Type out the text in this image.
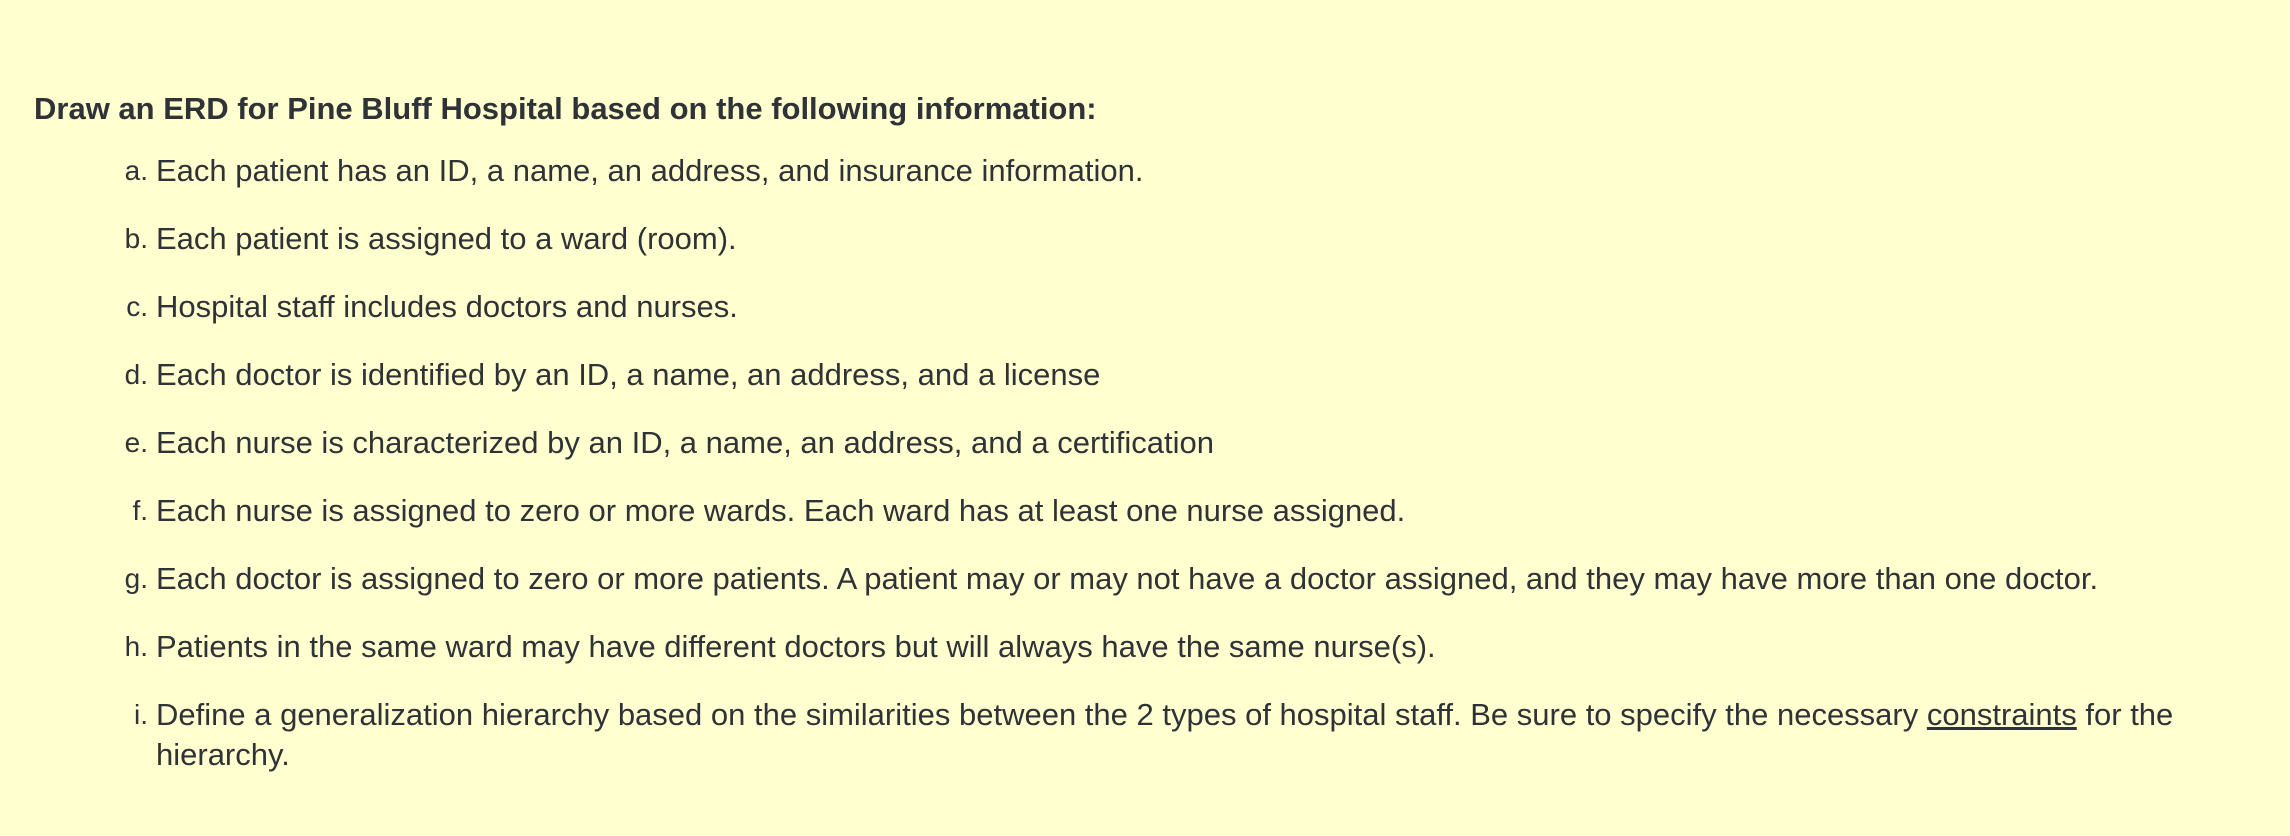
Draw an ERD for Pine Bluff Hospital based on the following information:
a. Each patient has an ID, a name, an address, and insurance information.
b. Each patient is assigned to a ward (room).
c. Hospital staff includes doctors and nurses.
d. Each doctor is identified by an ID, a name, an address, and a license
e. Each nurse is characterized by an ID, a name, an address, and a certification
f. Each nurse is assigned to zero or more wards. Each ward has at least one nurse assigned.
g. Each doctor is assigned to zero or more patients. A patient may or may not have a doctor assigned, and they may have more than one doctor.
h. Patients in the same ward may have different doctors but will always have the same nurse(s).
i. Define a generalization hierarchy based on the similarities between the 2 types of hospital staff. Be sure to specify the necessary constraints for the hierarchy.
